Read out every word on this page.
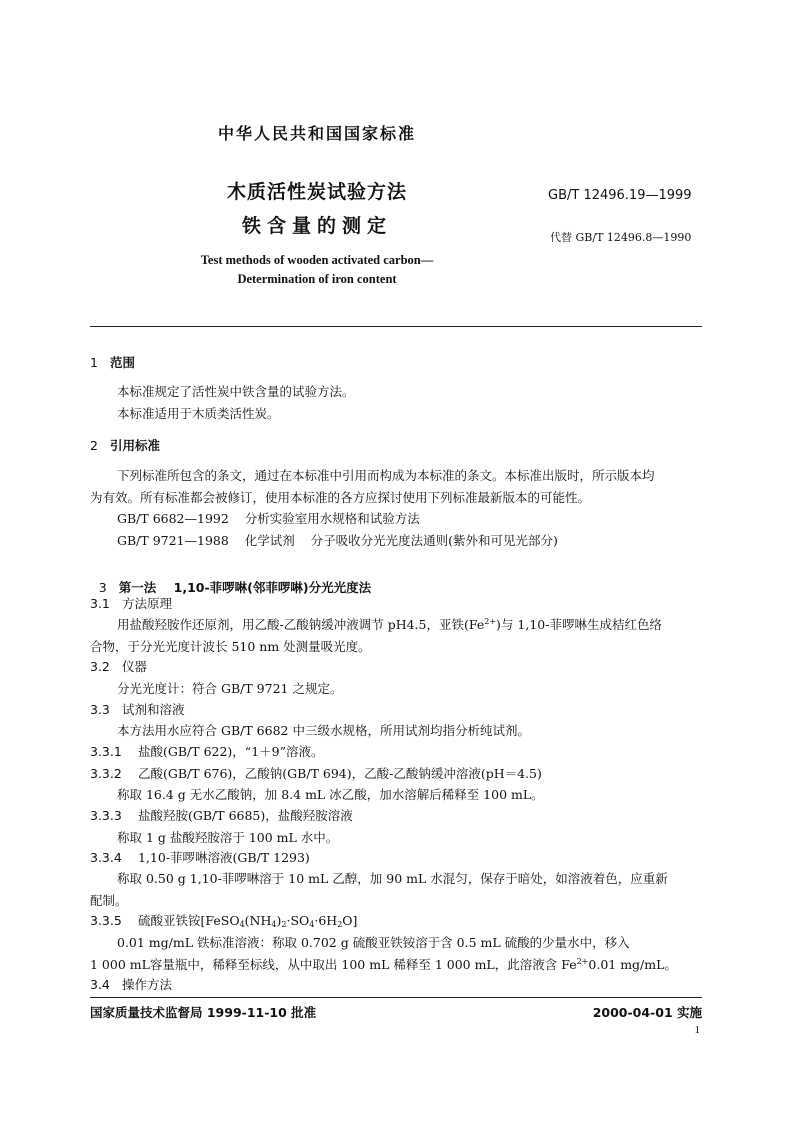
中华人民共和国国家标准
木质活性炭试验方法
铁含量的测定
GB/T 12496.19—1999
代替 GB/T 12496.8—1990
Test methods of wooden activated carbon—
Determination of iron content
1 范围
本标准规定了活性炭中铁含量的试验方法。
本标准适用于木质类活性炭。
2 引用标准
下列标准所包含的条文，通过在本标准中引用而构成为本标准的条文。本标准出版时，所示版本均
为有效。所有标准都会被修订，使用本标准的各方应探讨使用下列标准最新版本的可能性。
GB/T 6682—1992    分析实验室用水规格和试验方法
GB/T 9721—1988    化学试剂    分子吸收分光光度法通则(紫外和可见光部分)

3 第一法    1,10-菲啰啉(邻菲啰啉)分光光度法

3.1 方法原理
用盐酸羟胺作还原剂，用乙酸-乙酸钠缓冲液调节 pH4.5，亚铁$(Fe^{2+})$与 1,10-菲啰啉生成桔红色络
合物，于分光光度计波长 510 nm 处测量吸光度。
3.2 仪器
分光光度计：符合 GB/T 9721 之规定。
3.3 试剂和溶液
本方法用水应符合 GB/T 6682 中三级水规格，所用试剂均指分析纯试剂。
3.3.1 盐酸(GB/T 622)，“1＋9”溶液。
3.3.2 乙酸(GB/T 676)，乙酸钠(GB/T 694)，乙酸-乙酸钠缓冲溶液(pH＝4.5)
称取 16.4 g 无水乙酸钠，加 8.4 mL 冰乙酸，加水溶解后稀释至 100 mL。
3.3.3 盐酸羟胺(GB/T 6685)，盐酸羟胺溶液
称取 1 g 盐酸羟胺溶于 100 mL 水中。
3.3.4 1,10-菲啰啉溶液(GB/T 1293)
称取 0.50 g 1,10-菲啰啉溶于 10 mL 乙醇，加 90 mL 水混匀，保存于暗处，如溶液着色，应重新
配制。
3.3.5 硫酸亚铁铵$[FeSO_4(NH_4)_2\cdot SO_4\cdot 6H_2O]$
0.01 mg/mL 铁标准溶液：称取 0.702 g 硫酸亚铁铵溶于含 0.5 mL 硫酸的少量水中，移入
1 000 mL容量瓶中，稀释至标线，从中取出 100 mL 稀释至 1 000 mL，此溶液含 $Fe^{2+}0.01$ mg/mL。
3.4 操作方法
国家质量技术监督局 1999-11-10 批准	2000-04-01 实施
1
